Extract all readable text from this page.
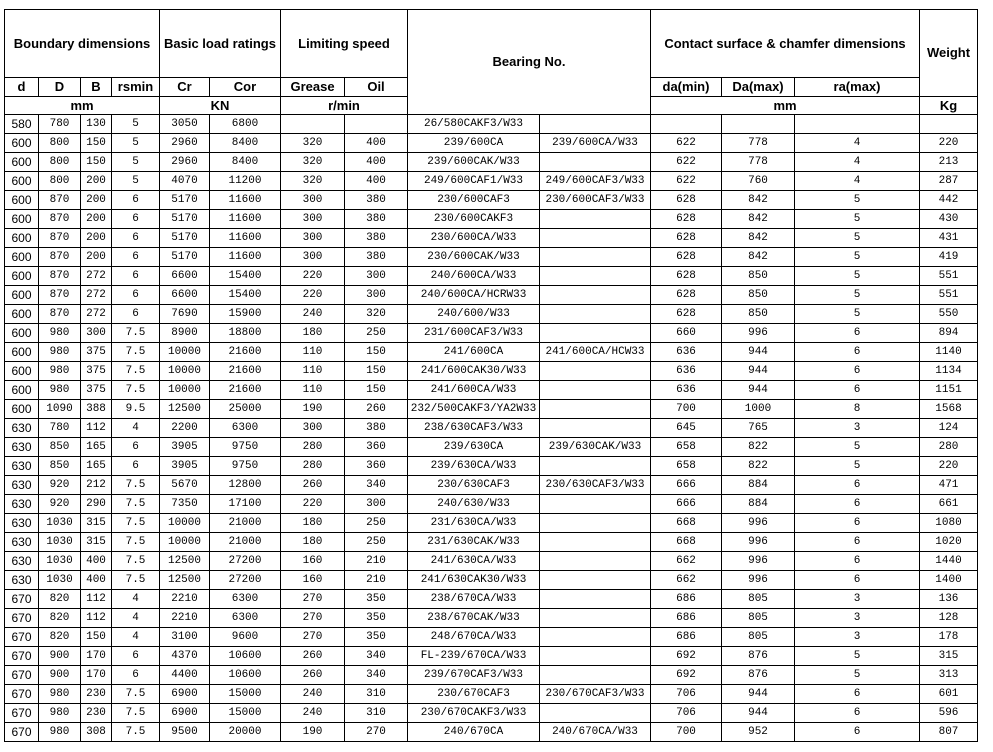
Boundary dimensions				Basic load ratings		Limiting speed		Bearing No.		Contact surface & chamfer dimensions			Weight
d	D	B	rsmin	Cr	Cor	Grease	Oil			da(min)	Da(max)	ra(max)	
mm				KN		r/min				mm			Kg
580	780	130	5	3050	6800			26/580CAKF3/W33					
600	800	150	5	2960	8400	320	400	239/600CA	239/600CA/W33	622	778	4	220
600	800	150	5	2960	8400	320	400	239/600CAK/W33		622	778	4	213
600	800	200	5	4070	11200	320	400	249/600CAF1/W33	249/600CAF3/W33	622	760	4	287
600	870	200	6	5170	11600	300	380	230/600CAF3	230/600CAF3/W33	628	842	5	442
600	870	200	6	5170	11600	300	380	230/600CAKF3		628	842	5	430
600	870	200	6	5170	11600	300	380	230/600CA/W33		628	842	5	431
600	870	200	6	5170	11600	300	380	230/600CAK/W33		628	842	5	419
600	870	272	6	6600	15400	220	300	240/600CA/W33		628	850	5	551
600	870	272	6	6600	15400	220	300	240/600CA/HCRW33		628	850	5	551
600	870	272	6	7690	15900	240	320	240/600/W33		628	850	5	550
600	980	300	7.5	8900	18800	180	250	231/600CAF3/W33		660	996	6	894
600	980	375	7.5	10000	21600	110	150	241/600CA	241/600CA/HCW33	636	944	6	1140
600	980	375	7.5	10000	21600	110	150	241/600CAK30/W33		636	944	6	1134
600	980	375	7.5	10000	21600	110	150	241/600CA/W33		636	944	6	1151
600	1090	388	9.5	12500	25000	190	260	232/500CAKF3/YA2W33		700	1000	8	1568
630	780	112	4	2200	6300	300	380	238/630CAF3/W33		645	765	3	124
630	850	165	6	3905	9750	280	360	239/630CA	239/630CAK/W33	658	822	5	280
630	850	165	6	3905	9750	280	360	239/630CA/W33		658	822	5	220
630	920	212	7.5	5670	12800	260	340	230/630CAF3	230/630CAF3/W33	666	884	6	471
630	920	290	7.5	7350	17100	220	300	240/630/W33		666	884	6	661
630	1030	315	7.5	10000	21000	180	250	231/630CA/W33		668	996	6	1080
630	1030	315	7.5	10000	21000	180	250	231/630CAK/W33		668	996	6	1020
630	1030	400	7.5	12500	27200	160	210	241/630CA/W33		662	996	6	1440
630	1030	400	7.5	12500	27200	160	210	241/630CAK30/W33		662	996	6	1400
670	820	112	4	2210	6300	270	350	238/670CA/W33		686	805	3	136
670	820	112	4	2210	6300	270	350	238/670CAK/W33		686	805	3	128
670	820	150	4	3100	9600	270	350	248/670CA/W33		686	805	3	178
670	900	170	6	4370	10600	260	340	FL-239/670CA/W33		692	876	5	315
670	900	170	6	4400	10600	260	340	239/670CAF3/W33		692	876	5	313
670	980	230	7.5	6900	15000	240	310	230/670CAF3	230/670CAF3/W33	706	944	6	601
670	980	230	7.5	6900	15000	240	310	230/670CAKF3/W33		706	944	6	596
670	980	308	7.5	9500	20000	190	270	240/670CA	240/670CA/W33	700	952	6	807
